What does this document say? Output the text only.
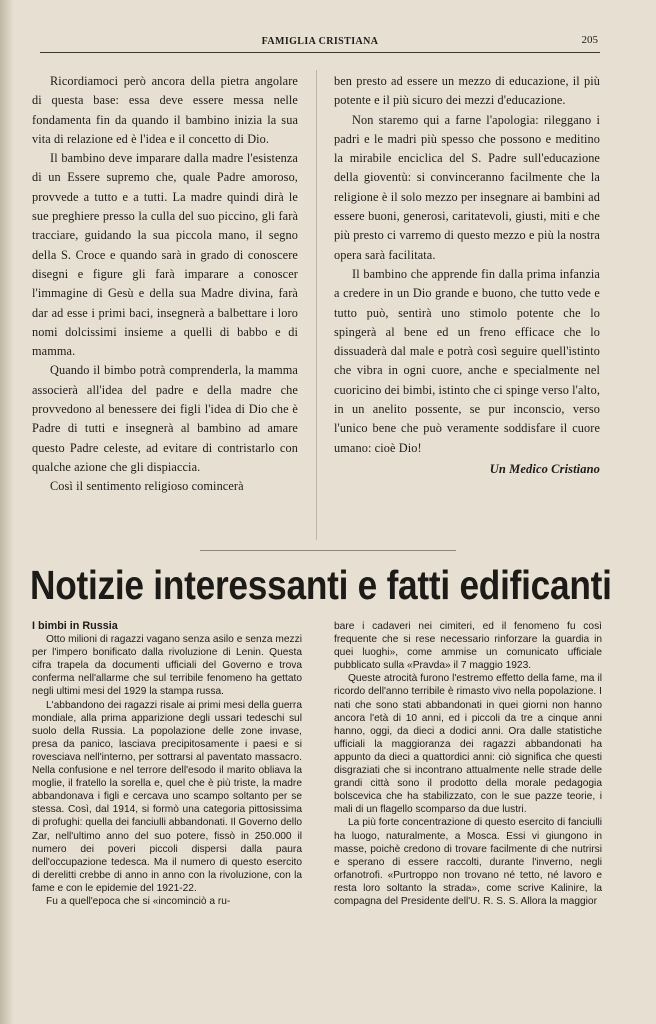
FAMIGLIA CRISTIANA	205

Ricordiamoci però ancora della pietra angolare di questa base: essa deve essere messa nelle fondamenta fin da quando il bambino inizia la sua vita di relazione ed è l'idea e il concetto di Dio.

Il bambino deve imparare dalla madre l'esistenza di un Essere supremo che, quale Padre amoroso, provvede a tutto e a tutti. La madre quindi dirà le sue preghiere presso la culla del suo piccino, gli farà tracciare, guidando la sua piccola mano, il segno della S. Croce e quando sarà in grado di conoscere disegni e figure gli farà imparare a conoscer l'immagine di Gesù e della sua Madre divina, farà dar ad esse i primi baci, insegnerà a balbettare i loro nomi dolcissimi insieme a quelli di babbo e di mamma.

Quando il bimbo potrà comprenderla, la mamma associerà all'idea del padre e della madre che provvedono al benessere dei figli l'idea di Dio che è Padre di tutti e insegnerà al bambino ad amare questo Padre celeste, ad evitare di contristarlo con qualche azione che gli dispiaccia.

Così il sentimento religioso comincerà

ben presto ad essere un mezzo di educazione, il più potente e il più sicuro dei mezzi d'educazione.

Non staremo qui a farne l'apologia: rileggano i padri e le madri più spesso che possono e meditino la mirabile enciclica del S. Padre sull'educazione della gioventù: si convinceranno facilmente che la religione è il solo mezzo per insegnare ai bambini ad essere buoni, generosi, caritatevoli, giusti, miti e che più presto ci varremo di questo mezzo e più la nostra opera sarà facilitata.

Il bambino che apprende fin dalla prima infanzia a credere in un Dio grande e buono, che tutto vede e tutto può, sentirà uno stimolo potente che lo spingerà al bene ed un freno efficace che lo dissuaderà dal male e potrà così seguire quell'istinto che vibra in ogni cuore, anche e specialmente nel cuoricino dei bimbi, istinto che ci spinge verso l'alto, in un anelito possente, se pur inconscio, verso l'unico bene che può veramente soddisfare il cuore umano: cioè Dio!

Un Medico Cristiano
Notizie interessanti e fatti edificanti

I bimbi in Russia

Otto milioni di ragazzi vagano senza asilo e senza mezzi per l'impero bonificato dalla rivoluzione di Lenin. Questa cifra trapela da documenti ufficiali del Governo e trova conferma nell'allarme che sul terribile fenomeno ha gettato negli ultimi mesi del 1929 la stampa russa.

L'abbandono dei ragazzi risale ai primi mesi della guerra mondiale, alla prima apparizione degli ussari tedeschi sul suolo della Russia. La popolazione delle zone invase, presa da panico, lasciava precipitosamente i paesi e si rovesciava nell'interno, per sottrarsi al paventato massacro. Nella confusione e nel terrore dell'esodo il marito obliava la moglie, il fratello la sorella e, quel che è più triste, la madre abbandonava i figli e cercava uno scampo soltanto per se stessa. Così, dal 1914, si formò una categoria pittosissima di profughi: quella dei fanciulli abbandonati. Il Governo dello Zar, nell'ultimo anno del suo potere, fissò in 250.000 il numero dei poveri piccoli dispersi dalla paura dell'occupazione tedesca. Ma il numero di questo esercito di derelitti crebbe di anno in anno con la rivoluzione, con la fame e con le epidemie del 1921-22.

Fu a quell'epoca che si «incominciò a ru-

bare i cadaveri nei cimiteri, ed il fenomeno fu così frequente che si rese necessario rinforzare la guardia in quei luoghi», come ammise un comunicato ufficiale pubblicato sulla «Pravda» il 7 maggio 1923.

Queste atrocità furono l'estremo effetto della fame, ma il ricordo dell'anno terribile è rimasto vivo nella popolazione. I nati che sono stati abbandonati in quei giorni non hanno ancora l'età di 10 anni, ed i piccoli da tre a cinque anni hanno, oggi, da dieci a dodici anni. Ora dalle statistiche ufficiali la maggioranza dei ragazzi abbandonati ha appunto da dieci a quattordici anni: ciò significa che questi disgraziati che si incontrano attualmente nelle strade delle grandi città sono il prodotto della morale pedagogia bolscevica che ha stabilizzato, con le sue pazze teorie, i mali di un flagello scomparso da due lustri.

La più forte concentrazione di questo esercito di fanciulli ha luogo, naturalmente, a Mosca. Essi vi giungono in masse, poichè credono di trovare facilmente di che nutrirsi e sperano di essere raccolti, durante l'inverno, negli orfanotrofi. «Purtroppo non trovano né tetto, né lavoro e resta loro soltanto la strada», come scrive Kalinire, la compagna del Presidente dell'U. R. S. S. Allora la maggior
